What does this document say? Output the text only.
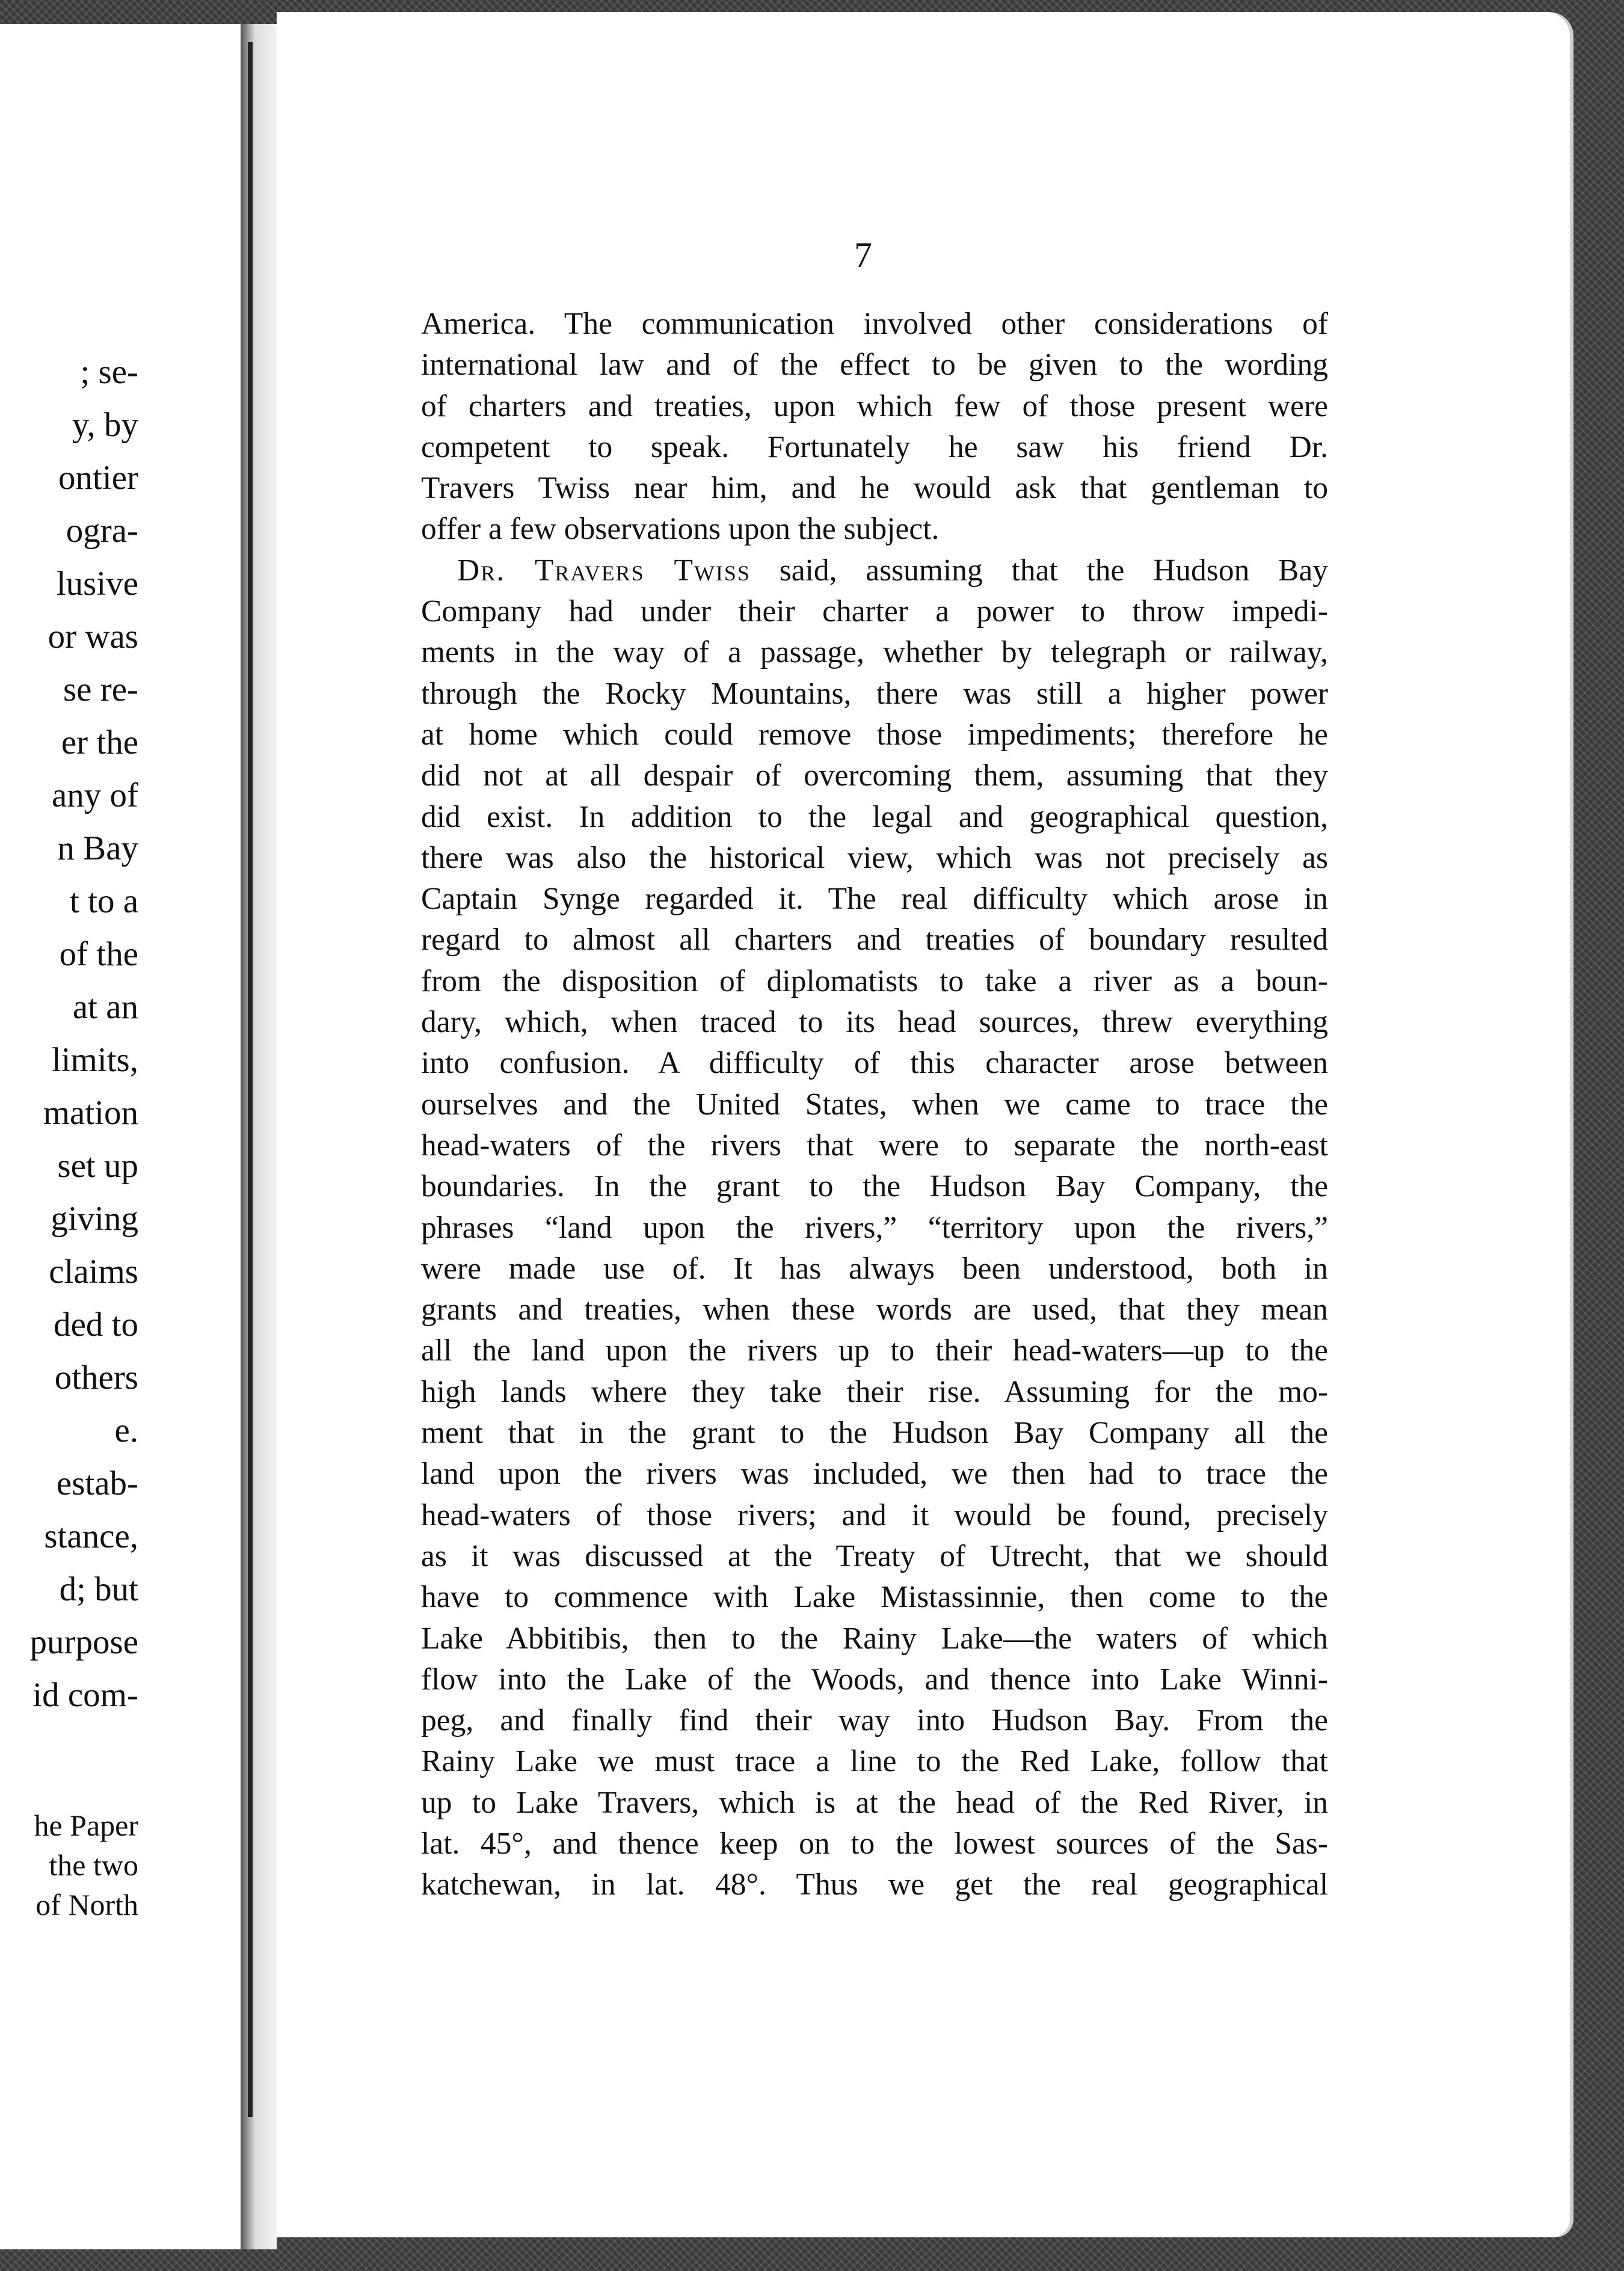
; se-

y, by

ontier

ogra-

lusive

or was

se re-

er the

any of

n Bay

t to a

of the

at an

limits,

mation

set up

giving

claims

ded to

others

e.

estab-

stance,

d; but

purpose

id com-

he Paper

the two

of North

7

America. The communication involved other considerations of
international law and of the effect to be given to the wording
of charters and treaties, upon which few of those present were
competent to speak. Fortunately he saw his friend Dr.
Travers Twiss near him, and he would ask that gentleman to
offer a few observations upon the subject.
Dr. Travers Twiss said, assuming that the Hudson Bay
Company had under their charter a power to throw impedi-
ments in the way of a passage, whether by telegraph or railway,
through the Rocky Mountains, there was still a higher power
at home which could remove those impediments; therefore he
did not at all despair of overcoming them, assuming that they
did exist. In addition to the legal and geographical question,
there was also the historical view, which was not precisely as
Captain Synge regarded it. The real difficulty which arose in
regard to almost all charters and treaties of boundary resulted
from the disposition of diplomatists to take a river as a boun-
dary, which, when traced to its head sources, threw everything
into confusion. A difficulty of this character arose between
ourselves and the United States, when we came to trace the
head-waters of the rivers that were to separate the north-east
boundaries. In the grant to the Hudson Bay Company, the
phrases “land upon the rivers,” “territory upon the rivers,”
were made use of. It has always been understood, both in
grants and treaties, when these words are used, that they mean
all the land upon the rivers up to their head-waters—up to the
high lands where they take their rise. Assuming for the mo-
ment that in the grant to the Hudson Bay Company all the
land upon the rivers was included, we then had to trace the
head-waters of those rivers; and it would be found, precisely
as it was discussed at the Treaty of Utrecht, that we should
have to commence with Lake Mistassinnie, then come to the
Lake Abbitibis, then to the Rainy Lake—the waters of which
flow into the Lake of the Woods, and thence into Lake Winni-
peg, and finally find their way into Hudson Bay. From the
Rainy Lake we must trace a line to the Red Lake, follow that
up to Lake Travers, which is at the head of the Red River, in
lat. 45°, and thence keep on to the lowest sources of the Sas-
katchewan, in lat. 48°. Thus we get the real geographical
